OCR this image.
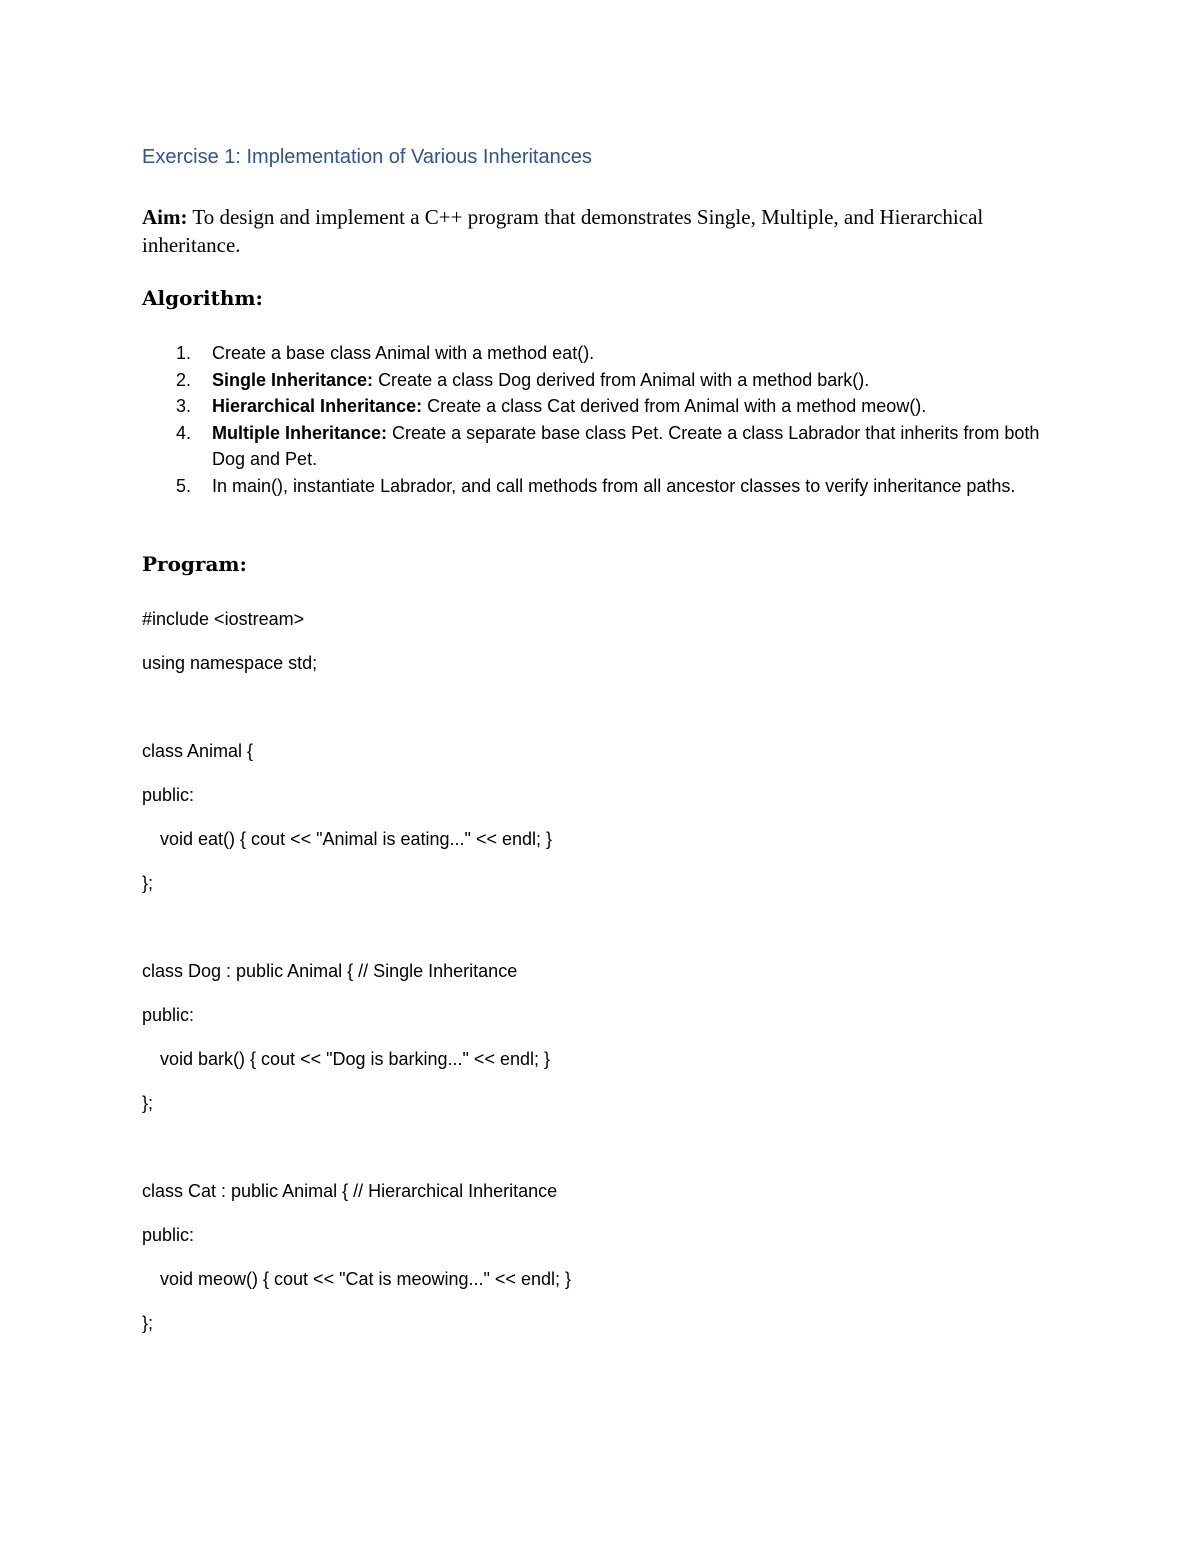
Exercise 1: Implementation of Various Inheritances
Aim: To design and implement a C++ program that demonstrates Single, Multiple, and Hierarchical inheritance.
Algorithm:
1. Create a base class Animal with a method eat().
2. Single Inheritance: Create a class Dog derived from Animal with a method bark().
3. Hierarchical Inheritance: Create a class Cat derived from Animal with a method meow().
4. Multiple Inheritance: Create a separate base class Pet. Create a class Labrador that inherits from both Dog and Pet.
5. In main(), instantiate Labrador, and call methods from all ancestor classes to verify inheritance paths.
Program:
#include <iostream>
using namespace std;
class Animal {
public:
void eat() { cout << "Animal is eating..." << endl; }
};
class Dog : public Animal { // Single Inheritance
public:
void bark() { cout << "Dog is barking..." << endl; }
};
class Cat : public Animal { // Hierarchical Inheritance
public:
void meow() { cout << "Cat is meowing..." << endl; }
};
